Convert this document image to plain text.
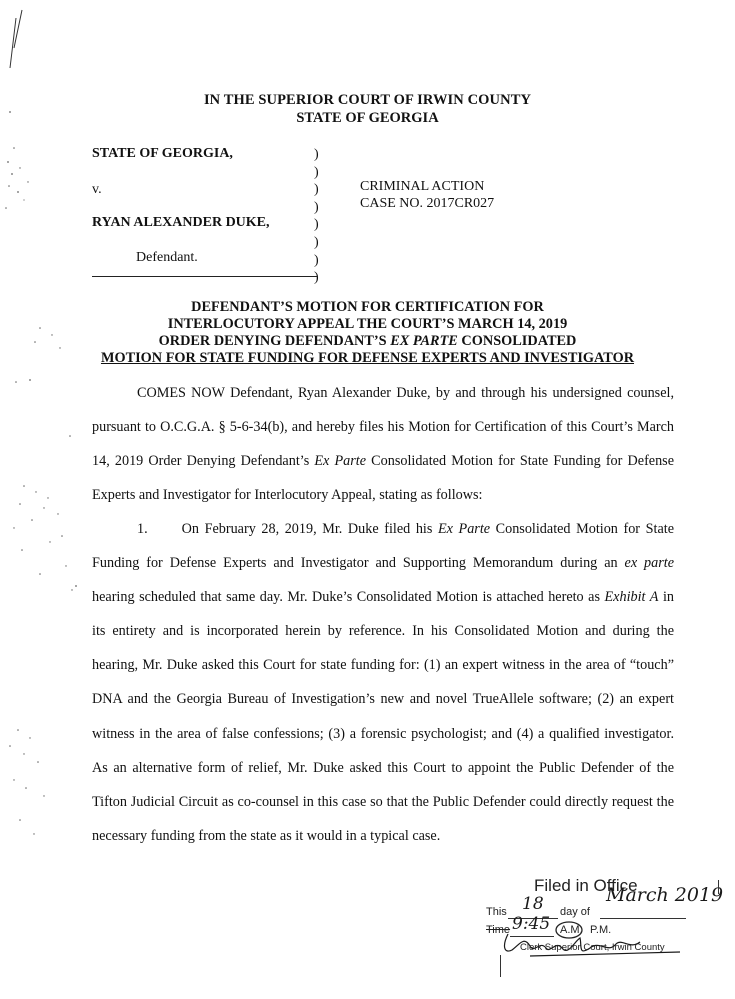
IN THE SUPERIOR COURT OF IRWIN COUNTY
STATE OF GEORGIA
STATE OF GEORGIA,
v.
RYAN ALEXANDER DUKE,
Defendant.
)
)
)
)
)
)
)
)
CRIMINAL ACTION
CASE NO. 2017CR027
DEFENDANT’S MOTION FOR CERTIFICATION FOR
INTERLOCUTORY APPEAL THE COURT’S MARCH 14, 2019
ORDER DENYING DEFENDANT’S EX PARTE CONSOLIDATED
MOTION FOR STATE FUNDING FOR DEFENSE EXPERTS AND INVESTIGATOR
COMES NOW Defendant, Ryan Alexander Duke, by and through his undersigned counsel, pursuant to O.C.G.A. § 5-6-34(b), and hereby files his Motion for Certification of this Court’s March 14, 2019 Order Denying Defendant’s Ex Parte Consolidated Motion for State Funding for Defense Experts and Investigator for Interlocutory Appeal, stating as follows:
1. On February 28, 2019, Mr. Duke filed his Ex Parte Consolidated Motion for State Funding for Defense Experts and Investigator and Supporting Memorandum during an ex parte hearing scheduled that same day. Mr. Duke’s Consolidated Motion is attached hereto as Exhibit A in its entirety and is incorporated herein by reference. In his Consolidated Motion and during the hearing, Mr. Duke asked this Court for state funding for: (1) an expert witness in the area of “touch” DNA and the Georgia Bureau of Investigation’s new and novel TrueAllele software; (2) an expert witness in the area of false confessions; (3) a forensic psychologist; and (4) a qualified investigator. As an alternative form of relief, Mr. Duke asked this Court to appoint the Public Defender of the Tifton Judicial Circuit as co-counsel in this case so that the Public Defender could directly request the necessary funding from the state as it would in a typical case.
Filed in Office
This 18 day of
March 2019
Time 9:45 A.M. P.M.
Clerk Superior Court, Irwin County
